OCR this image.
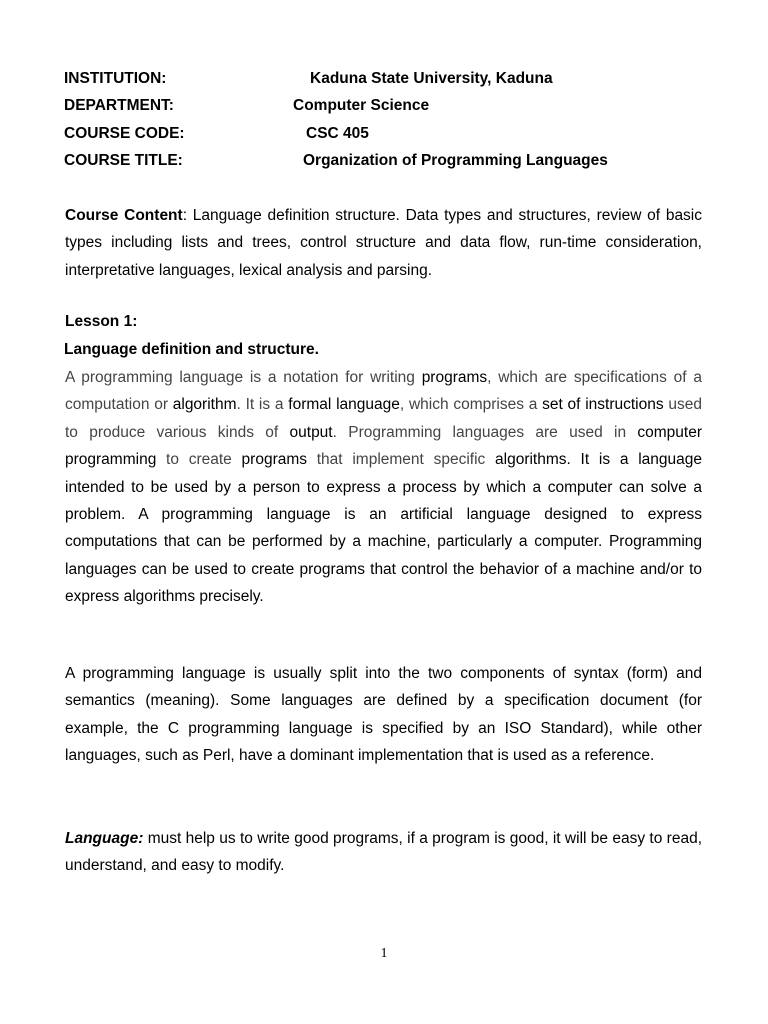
INSTITUTION:	Kaduna State University, Kaduna
DEPARTMENT:	Computer Science
COURSE CODE:	CSC 405
COURSE TITLE:	Organization of Programming Languages
Course Content: Language definition structure. Data types and structures, review of basic types including lists and trees, control structure and data flow, run-time consideration, interpretative languages, lexical analysis and parsing.
Lesson 1:
Language definition and structure.
A programming language is a notation for writing programs, which are specifications of a computation or algorithm. It is a formal language, which comprises a set of instructions used to produce various kinds of output. Programming languages are used in computer programming to create programs that implement specific algorithms. It is a language intended to be used by a person to express a process by which a computer can solve a problem. A programming language is an artificial language designed to express computations that can be performed by a machine, particularly a computer. Programming languages can be used to create programs that control the behavior of a machine and/or to express algorithms precisely.
A programming language is usually split into the two components of syntax (form) and semantics (meaning). Some languages are defined by a specification document (for example, the C programming language is specified by an ISO Standard), while other languages, such as Perl, have a dominant implementation that is used as a reference.
Language: must help us to write good programs, if a program is good, it will be easy to read, understand, and easy to modify.
1
